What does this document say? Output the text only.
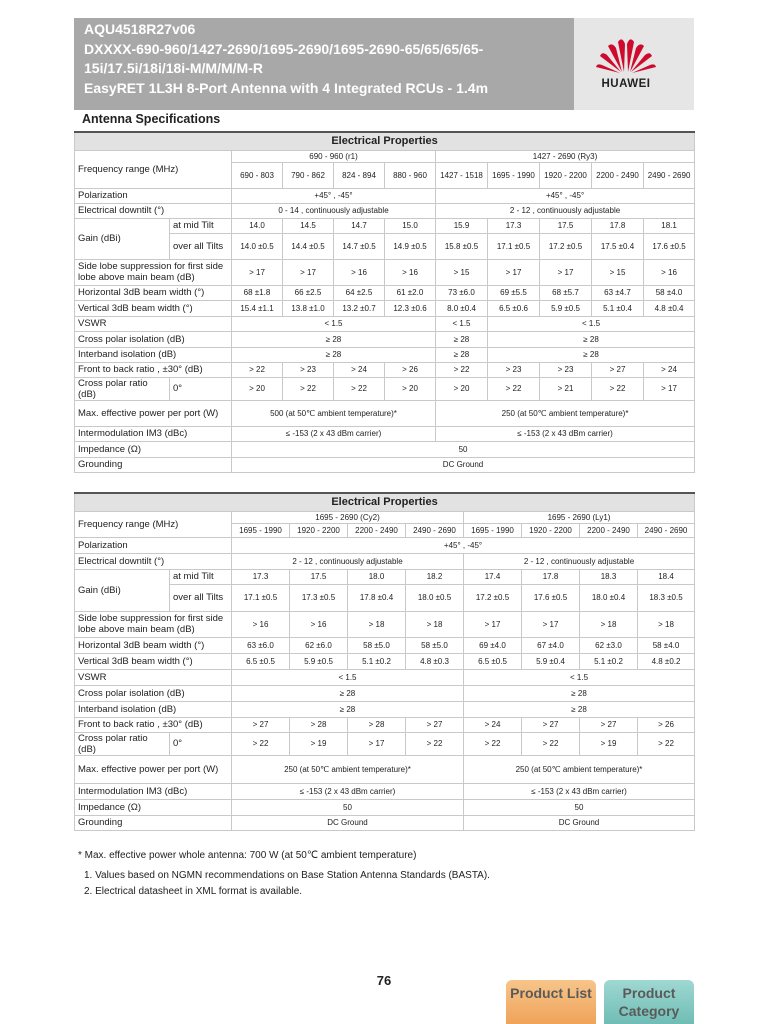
AQU4518R27v06
DXXXX-690-960/1427-2690/1695-2690/1695-2690-65/65/65/65-
15i/17.5i/18i/18i-M/M/M/M-R
EasyRET 1L3H 8-Port Antenna with 4 Integrated RCUs - 1.4m	HUAWEI
Antenna Specifications
Electrical Properties										
Frequency range (MHz)		690 - 960 (r1)				1427 - 2690 (Ry3)				
		690 - 803	790 - 862	824 - 894	880 - 960	1427 - 1518	1695 - 1990	1920 - 2200	2200 - 2490	2490 - 2690
Polarization		+45° , -45°				+45° , -45°				
Electrical downtilt (°)		0 - 14 , continuously adjustable				2 - 12 , continuously adjustable				
Gain (dBi)	at mid Tilt	14.0	14.5	14.7	15.0	15.9	17.3	17.5	17.8	18.1
	over all Tilts	14.0 ±0.5	14.4 ±0.5	14.7 ±0.5	14.9 ±0.5	15.8 ±0.5	17.1 ±0.5	17.2 ±0.5	17.5 ±0.4	17.6 ±0.5
Side lobe suppression for first side lobe above main beam (dB)		> 17	> 17	> 16	> 16	> 15	> 17	> 17	> 15	> 16
Horizontal 3dB beam width (°)		68 ±1.8	66 ±2.5	64 ±2.5	61 ±2.0	73 ±6.0	69 ±5.5	68 ±5.7	63 ±4.7	58 ±4.0
Vertical 3dB beam width (°)		15.4 ±1.1	13.8 ±1.0	13.2 ±0.7	12.3 ±0.6	8.0 ±0.4	6.5 ±0.6	5.9 ±0.5	5.1 ±0.4	4.8 ±0.4
VSWR		< 1.5				< 1.5	< 1.5			
Cross polar isolation (dB)		≥ 28				≥ 28	≥ 28			
Interband isolation (dB)		≥ 28				≥ 28	≥ 28			
Front to back ratio , ±30° (dB)		> 22	> 23	> 24	> 26	> 22	> 23	> 23	> 27	> 24
Cross polar ratio (dB)	0°	> 20	> 22	> 22	> 20	> 20	> 22	> 21	> 22	> 17
Max. effective power per port (W)		500 (at 50℃ ambient temperature)*				250 (at 50℃ ambient temperature)*				
Intermodulation IM3 (dBc)		≤ -153 (2 x 43 dBm carrier)				≤ -153 (2 x 43 dBm carrier)				
Impedance (Ω)		50								
Grounding		DC Ground								
Electrical Properties									
Frequency range (MHz)		1695 - 2690 (Cy2)				1695 - 2690 (Ly1)			
		1695 - 1990	1920 - 2200	2200 - 2490	2490 - 2690	1695 - 1990	1920 - 2200	2200 - 2490	2490 - 2690
Polarization		+45° , -45°							
Electrical downtilt (°)		2 - 12 , continuously adjustable				2 - 12 , continuously adjustable			
Gain (dBi)	at mid Tilt	17.3	17.5	18.0	18.2	17.4	17.8	18.3	18.4
	over all Tilts	17.1 ±0.5	17.3 ±0.5	17.8 ±0.4	18.0 ±0.5	17.2 ±0.5	17.6 ±0.5	18.0 ±0.4	18.3 ±0.5
Side lobe suppression for first side lobe above main beam (dB)		> 16	> 16	> 18	> 18	> 17	> 17	> 18	> 18
Horizontal 3dB beam width (°)		63 ±6.0	62 ±6.0	58 ±5.0	58 ±5.0	69 ±4.0	67 ±4.0	62 ±3.0	58 ±4.0
Vertical 3dB beam width (°)		6.5 ±0.5	5.9 ±0.5	5.1 ±0.2	4.8 ±0.3	6.5 ±0.5	5.9 ±0.4	5.1 ±0.2	4.8 ±0.2
VSWR		< 1.5				< 1.5			
Cross polar isolation (dB)		≥ 28				≥ 28			
Interband isolation (dB)		≥ 28				≥ 28			
Front to back ratio , ±30° (dB)		> 27	> 28	> 28	> 27	> 24	> 27	> 27	> 26
Cross polar ratio (dB)	0°	> 22	> 19	> 17	> 22	> 22	> 22	> 19	> 22
Max. effective power per port (W)		250 (at 50℃ ambient temperature)*				250 (at 50℃ ambient temperature)*			
Intermodulation IM3 (dBc)		≤ -153 (2 x 43 dBm carrier)				≤ -153 (2 x 43 dBm carrier)			
Impedance (Ω)		50				50			
Grounding		DC Ground				DC Ground			
* Max. effective power whole antenna: 700 W (at 50℃ ambient temperature)
1. Values based on NGMN recommendations on Base Station Antenna Standards (BASTA).
2. Electrical datasheet in XML format is available.
76
Product List	Product Category
